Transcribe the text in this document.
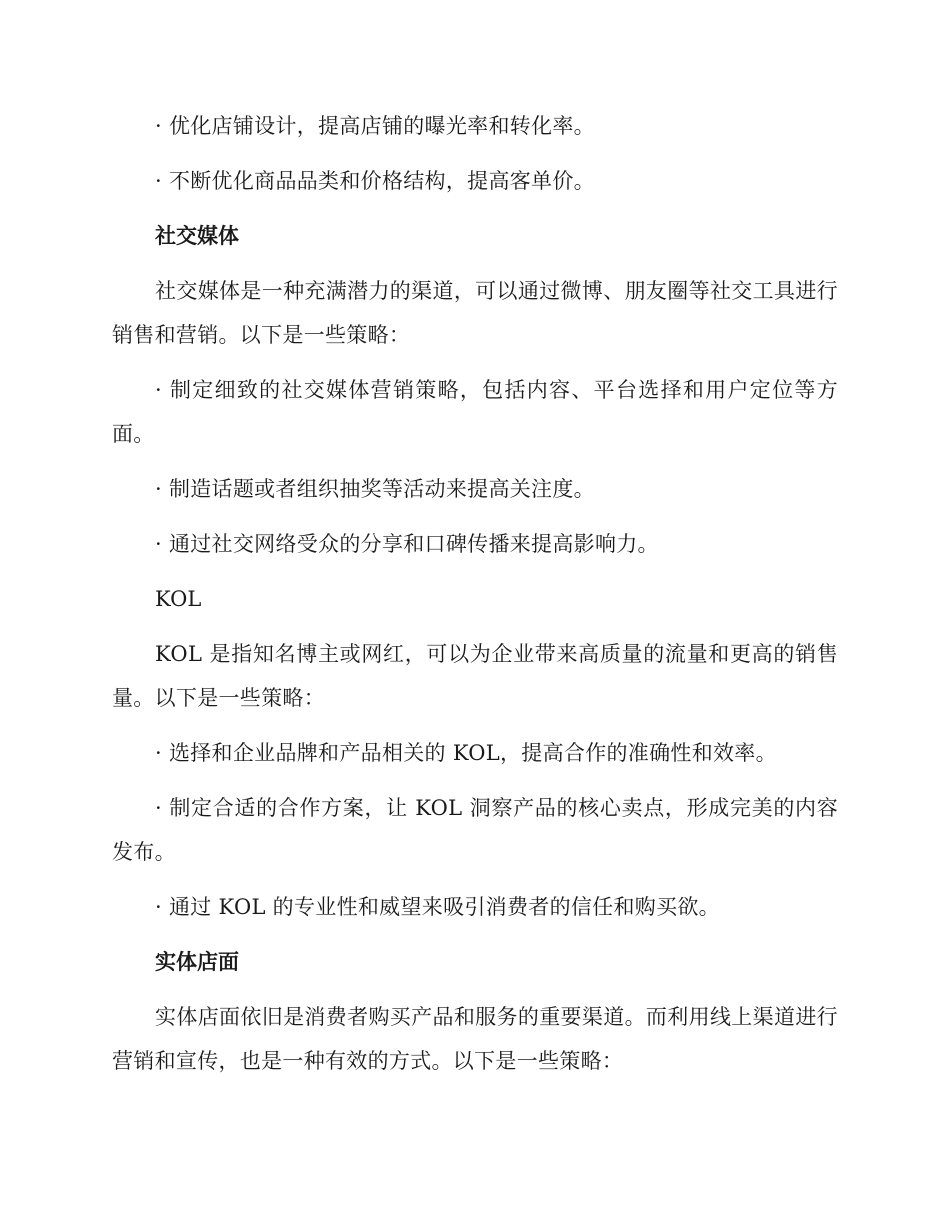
· 优化店铺设计，提高店铺的曝光率和转化率。

· 不断优化商品品类和价格结构，提高客单价。

社交媒体

社交媒体是一种充满潜力的渠道，可以通过微博、朋友圈等社交工具进行销售和营销。以下是一些策略：

· 制定细致的社交媒体营销策略，包括内容、平台选择和用户定位等方面。

· 制造话题或者组织抽奖等活动来提高关注度。

· 通过社交网络受众的分享和口碑传播来提高影响力。

KOL

KOL 是指知名博主或网红，可以为企业带来高质量的流量和更高的销售量。以下是一些策略：

· 选择和企业品牌和产品相关的 KOL，提高合作的准确性和效率。

· 制定合适的合作方案，让 KOL 洞察产品的核心卖点，形成完美的内容发布。

· 通过 KOL 的专业性和威望来吸引消费者的信任和购买欲。

实体店面

实体店面依旧是消费者购买产品和服务的重要渠道。而利用线上渠道进行营销和宣传，也是一种有效的方式。以下是一些策略：
